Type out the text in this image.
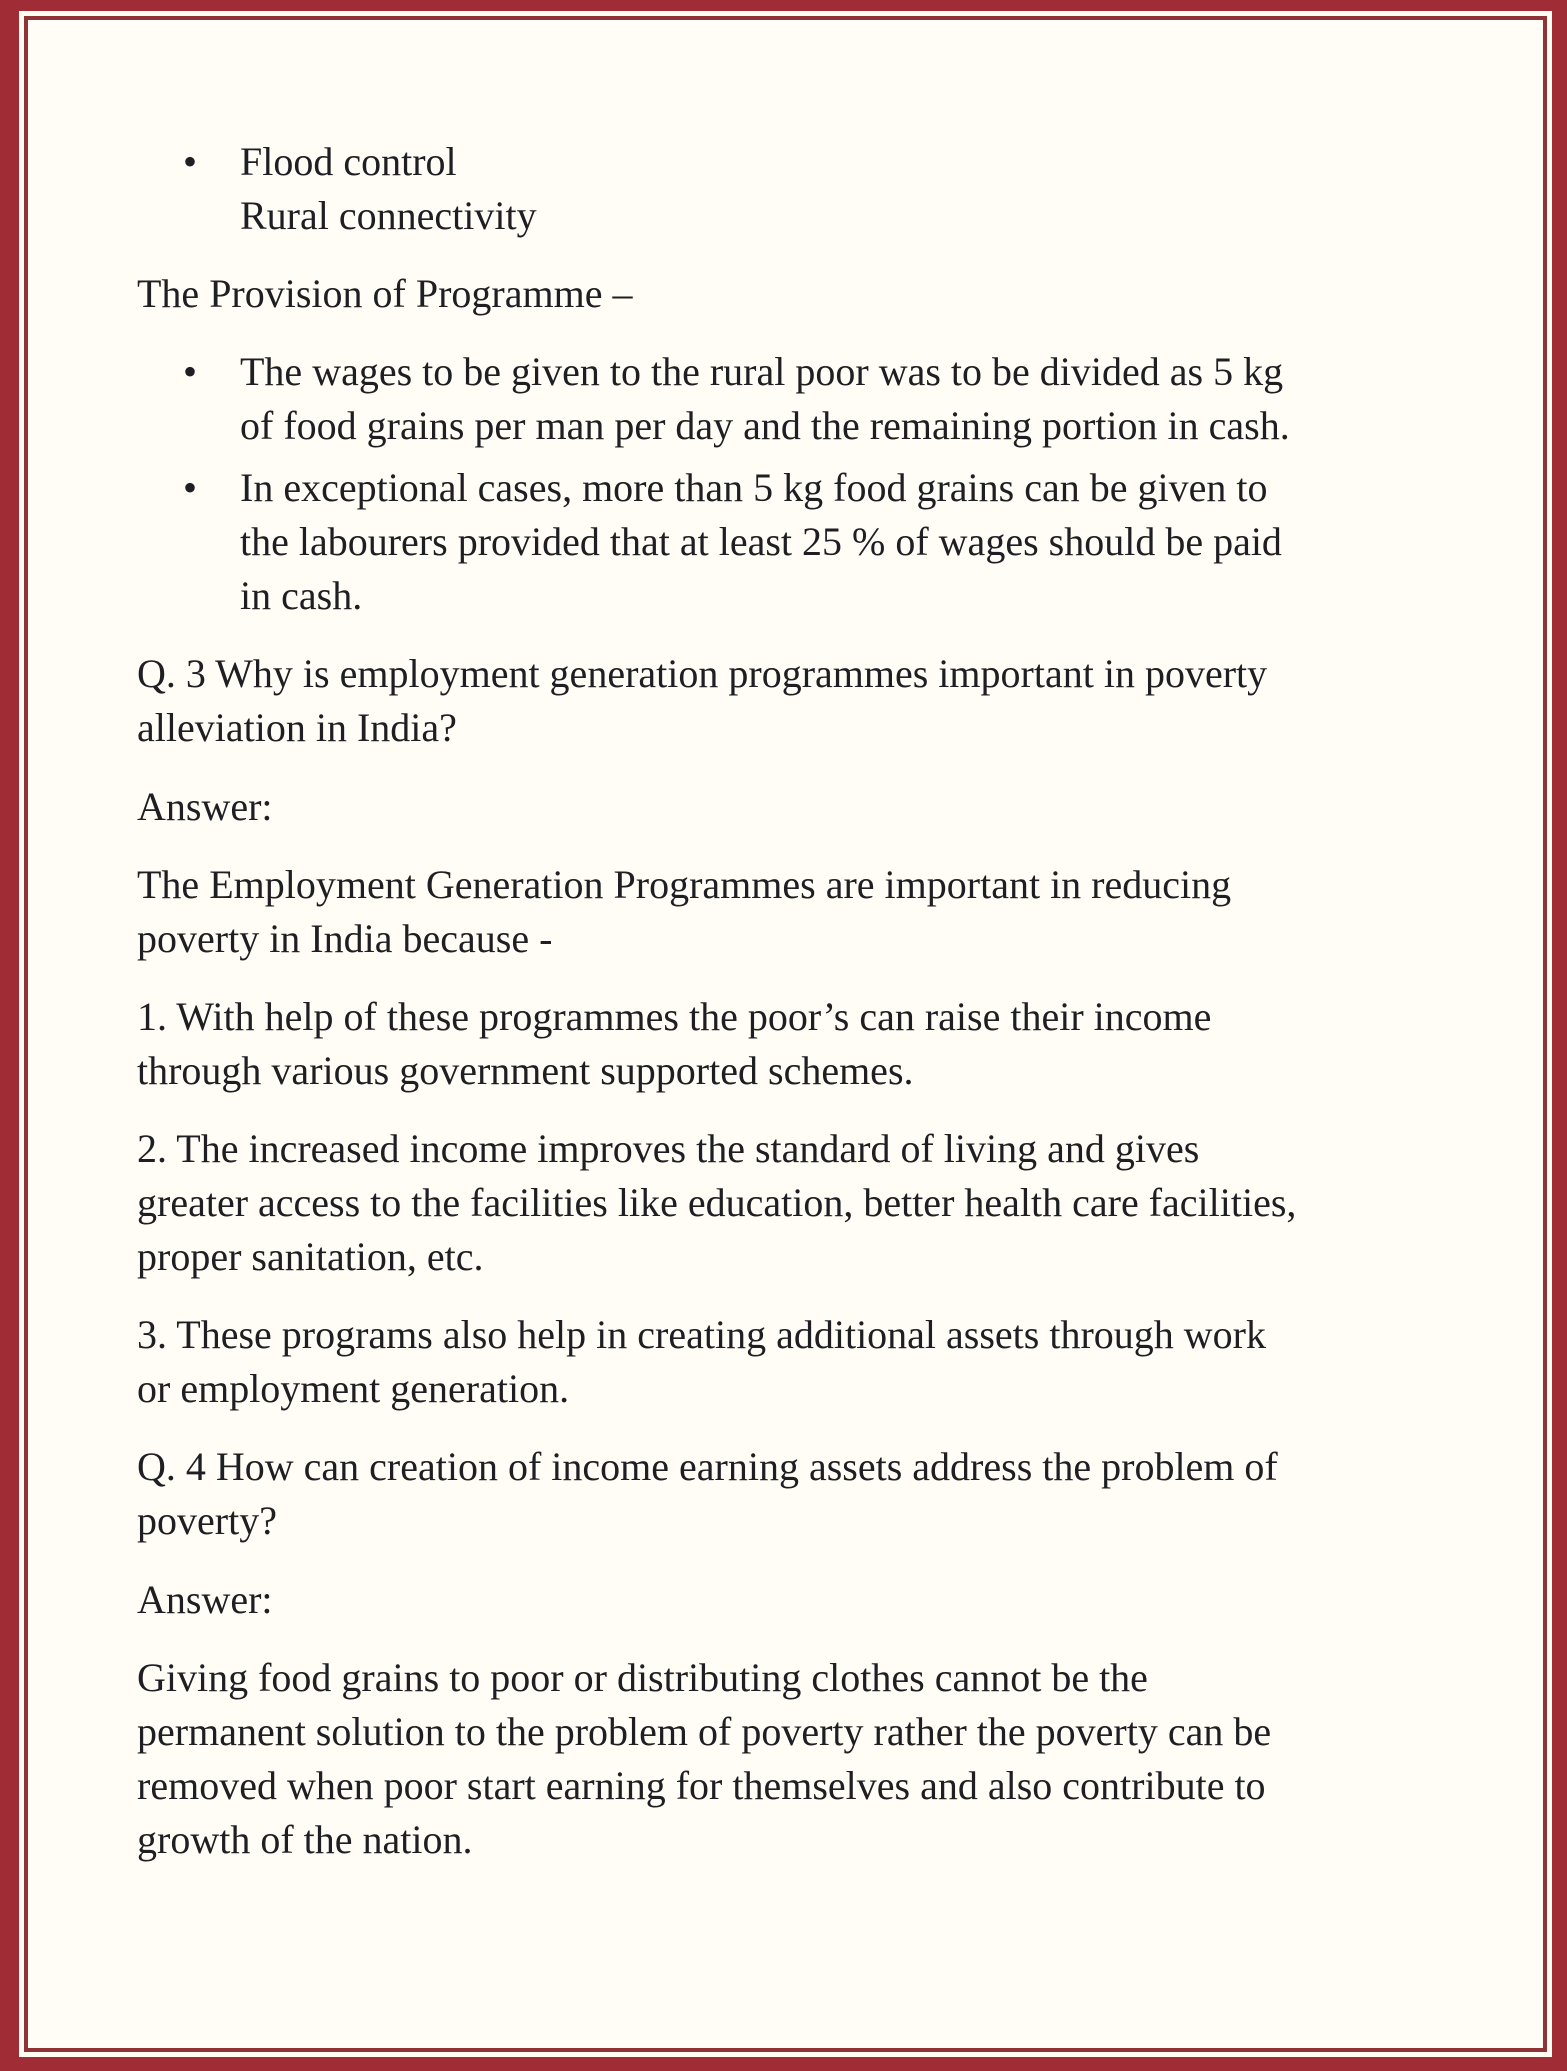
•	Flood control
Rural connectivity

The Provision of Programme –

•	The wages to be given to the rural poor was to be divided as 5 kg
of food grains per man per day and the remaining portion in cash.
•	In exceptional cases, more than 5 kg food grains can be given to
the labourers provided that at least 25 % of wages should be paid
in cash.

Q. 3 Why is employment generation programmes important in poverty
alleviation in India?

Answer:

The Employment Generation Programmes are important in reducing
poverty in India because -

1. With help of these programmes the poor’s can raise their income
through various government supported schemes.

2. The increased income improves the standard of living and gives
greater access to the facilities like education, better health care facilities,
proper sanitation, etc.

3. These programs also help in creating additional assets through work
or employment generation.

Q. 4 How can creation of income earning assets address the problem of
poverty?

Answer:

Giving food grains to poor or distributing clothes cannot be the
permanent solution to the problem of poverty rather the poverty can be
removed when poor start earning for themselves and also contribute to
growth of the nation.
